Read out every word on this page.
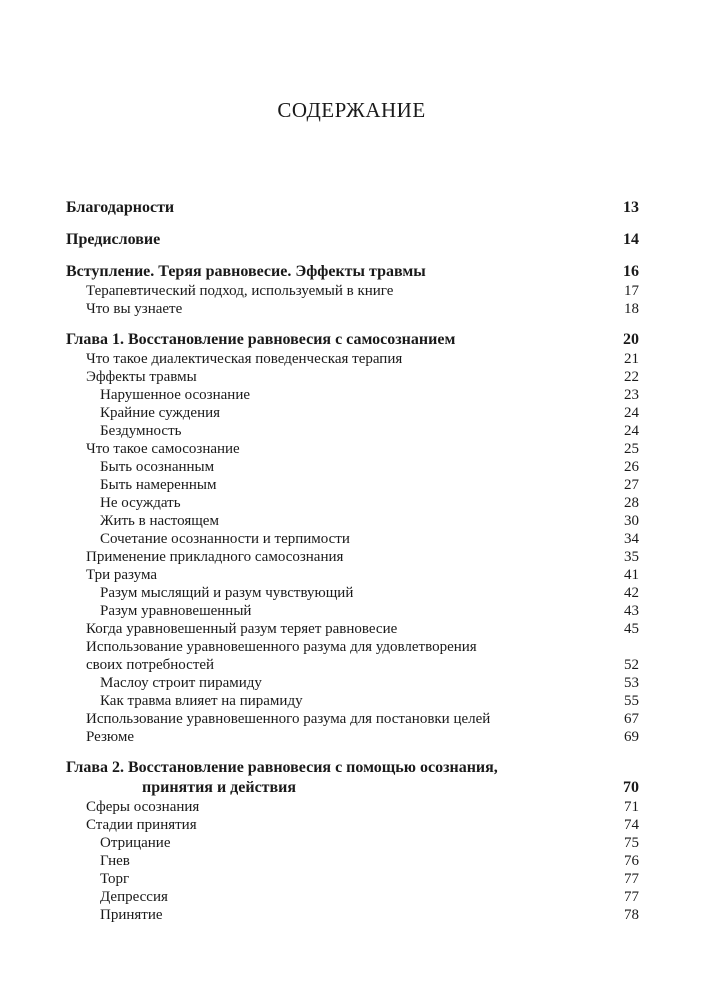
СОДЕРЖАНИЕ
Благодарности	13
Предисловие	14
Вступление. Теряя равновесие. Эффекты травмы	16
Терапевтический подход, используемый в книге	17
Что вы узнаете	18
Глава 1. Восстановление равновесия с самосознанием	20
Что такое диалектическая поведенческая терапия	21
Эффекты травмы	22
Нарушенное осознание	23
Крайние суждения	24
Бездумность	24
Что такое самосознание	25
Быть осознанным	26
Быть намеренным	27
Не осуждать	28
Жить в настоящем	30
Сочетание осознанности и терпимости	34
Применение прикладного самосознания	35
Три разума	41
Разум мыслящий и разум чувствующий	42
Разум уравновешенный	43
Когда уравновешенный разум теряет равновесие	45
Использование уравновешенного разума для удовлетворения
своих потребностей	52
Маслоу строит пирамиду	53
Как травма влияет на пирамиду	55
Использование уравновешенного разума для постановки целей	67
Резюме	69
Глава 2. Восстановление равновесия с помощью осознания,
принятия и действия	70
Сферы осознания	71
Стадии принятия	74
Отрицание	75
Гнев	76
Торг	77
Депрессия	77
Принятие	78
